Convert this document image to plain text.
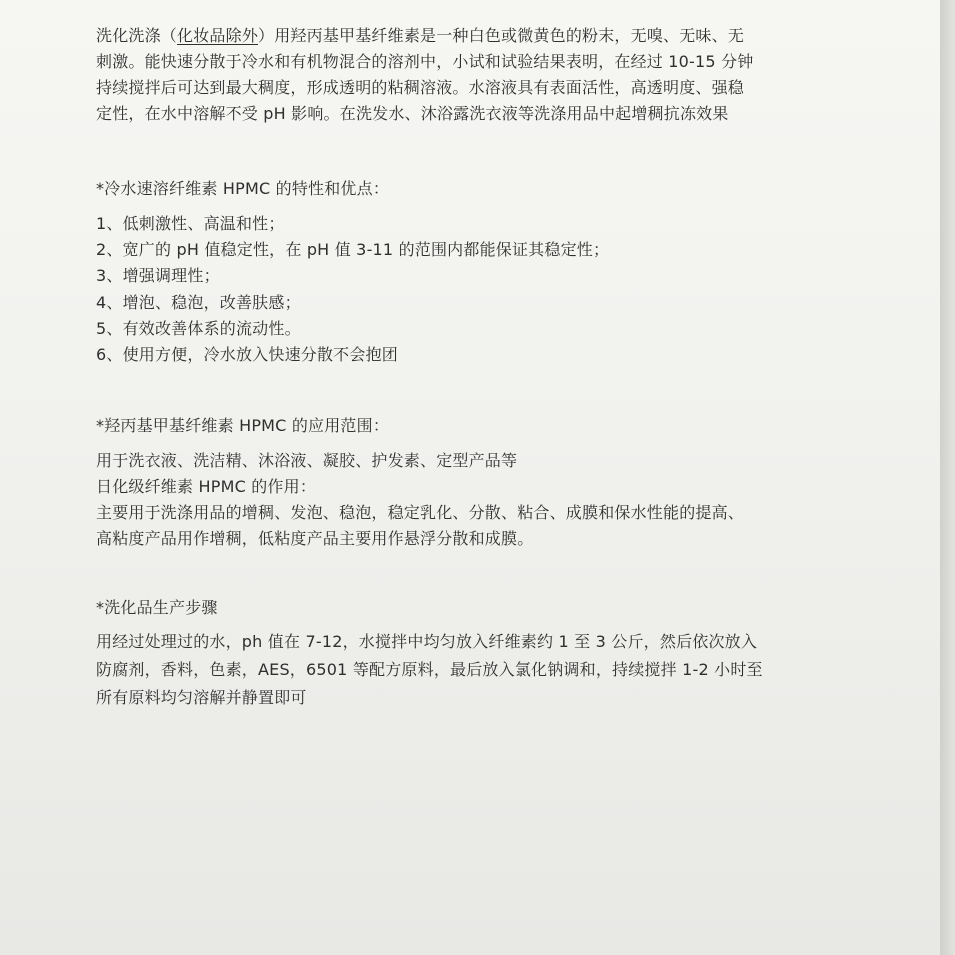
洗化洗涤（化妆品除外）用羟丙基甲基纤维素是一种白色或微黄色的粉末，无嗅、无味、无
刺激。能快速分散于冷水和有机物混合的溶剂中，小试和试验结果表明，在经过 10-15 分钟
持续搅拌后可达到最大稠度，形成透明的粘稠溶液。水溶液具有表面活性，高透明度、强稳
定性，在水中溶解不受 pH 影响。在洗发水、沐浴露洗衣液等洗涤用品中起增稠抗冻效果
*冷水速溶纤维素 HPMC 的特性和优点：
1、低刺激性、高温和性；
2、宽广的 pH 值稳定性，在 pH 值 3-11 的范围内都能保证其稳定性；
3、增强调理性；
4、增泡、稳泡，改善肤感；
5、有效改善体系的流动性。
6、使用方便，冷水放入快速分散不会抱团
*羟丙基甲基纤维素 HPMC 的应用范围：
用于洗衣液、洗洁精、沐浴液、凝胶、护发素、定型产品等
日化级纤维素 HPMC 的作用：
主要用于洗涤用品的增稠、发泡、稳泡，稳定乳化、分散、粘合、成膜和保水性能的提高、
高粘度产品用作增稠，低粘度产品主要用作悬浮分散和成膜。
*洗化品生产步骤
用经过处理过的水，ph 值在 7-12，水搅拌中均匀放入纤维素约 1 至 3 公斤，然后依次放入
防腐剂，香料，色素，AES，6501 等配方原料，最后放入氯化钠调和，持续搅拌 1-2 小时至
所有原料均匀溶解并静置即可
